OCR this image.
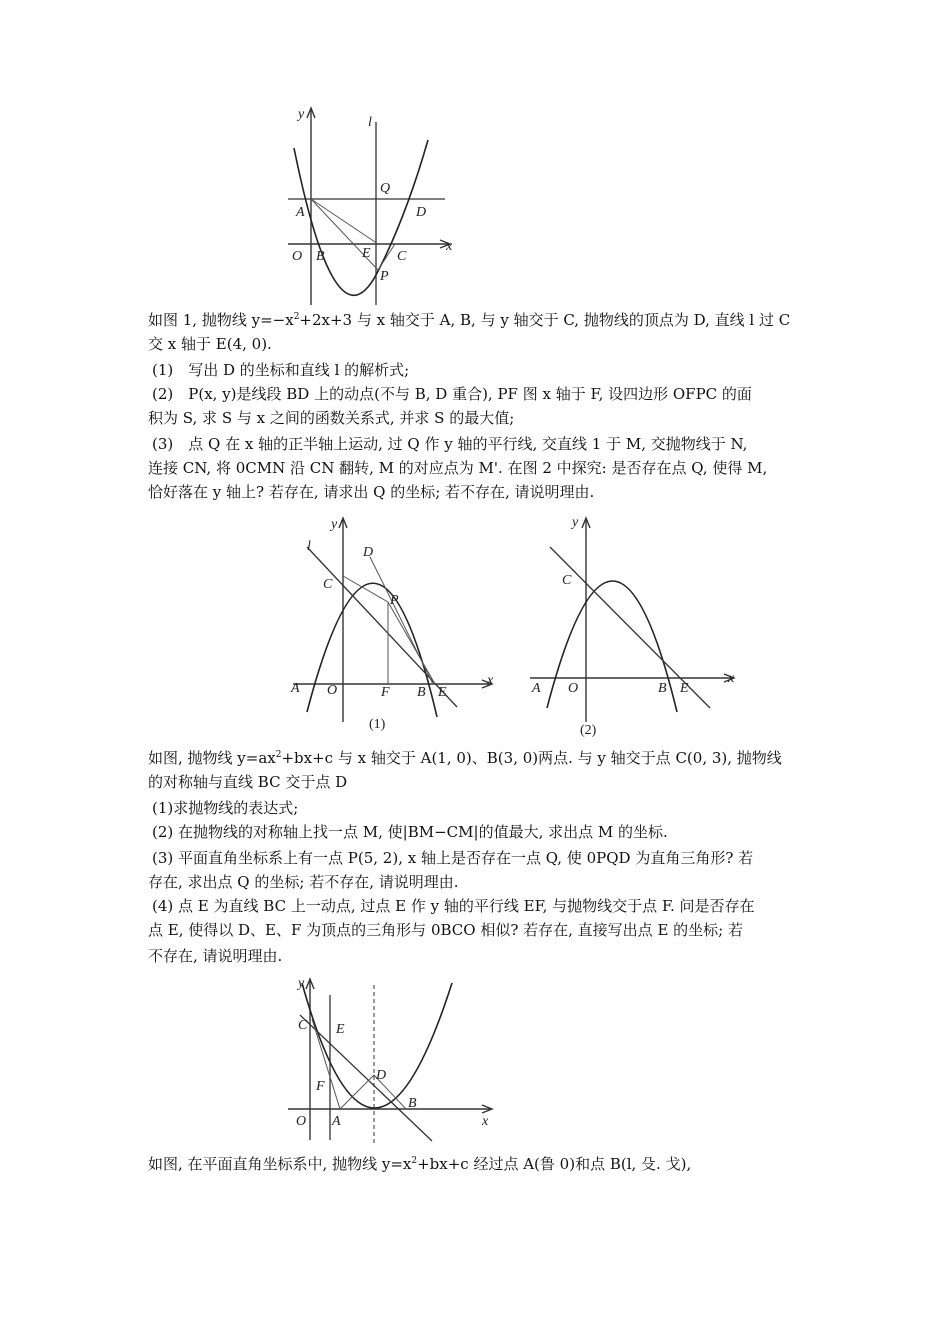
y
l
Q
A	D
O B	E C
x
P
如图 1, 抛物线 $y=-x^2+2x+3$ 与 x 轴交于 A, B, 与 y 轴交于 C, 抛物线的顶点为 D, 直线 l 过 C
交 x 轴于 E(4, 0).
(1)　写出 D 的坐标和直线 l 的解析式;
(2)　P(x, y)是线段 BD 上的动点(不与 B, D 重合), PF 图 x 轴于 F, 设四边形 OFPC 的面
积为 S, 求 S 与 x 之间的函数关系式, 并求 S 的最大值;
(3)　点 Q 在 x 轴的正半轴上运动, 过 Q 作 y 轴的平行线, 交直线 1 于 M, 交抛物线于 N,
连接 CN, 将 0CMN 沿 CN 翻转, M 的对应点为 M'. 在图 2 中探究: 是否存在点 Q, 使得 M,
恰好落在 y 轴上? 若存在, 请求出 Q 的坐标; 若不存在, 请说明理由.
y
l	D
C
P
A O	F B E
x
(1)
y
C
A O	B E
x
(2)
如图, 抛物线 $y=ax^2+bx+c$ 与 x 轴交于 A(1, 0)、B(3, 0)两点. 与 y 轴交于点 C(0, 3), 抛物线
的对称轴与直线 BC 交于点 D
(1)求抛物线的表达式;
(2) 在抛物线的对称轴上找一点 M, 使|BM−CM|的值最大, 求出点 M 的坐标.
(3) 平面直角坐标系上有一点 P(5, 2), x 轴上是否存在一点 Q, 使 0PQD 为直角三角形? 若
存在, 求出点 Q 的坐标; 若不存在, 请说明理由.
(4) 点 E 为直线 BC 上一动点, 过点 E 作 y 轴的平行线 EF, 与抛物线交于点 F. 问是否存在
点 E, 使得以 D、E、F 为顶点的三角形与 0BCO 相似? 若存在, 直接写出点 E 的坐标; 若
不存在, 请说明理由.
y
C E
F
D
O A
B
x
如图, 在平面直角坐标系中, 抛物线 $y=x^2+bx+c$ 经过点 A(鲁 0)和点 B(l, 殳. 戈),
